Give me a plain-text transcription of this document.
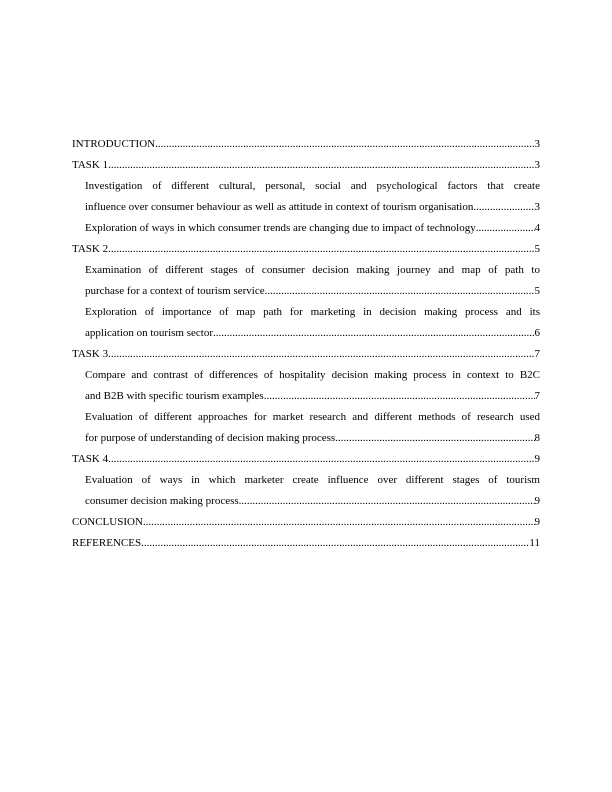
INTRODUCTION .....	3
TASK 1 .....	3
Investigation of different cultural, personal, social and psychological factors that create
influence over consumer behaviour as well as attitude in context of tourism organisation .....	3
Exploration of ways in which consumer trends are changing due to impact of technology .....	4
TASK 2 .....	5
Examination of different stages of consumer decision making journey and map of path to
purchase for a context of tourism service .....	5
Exploration of importance of map path for marketing in decision making process and its
application on tourism sector .....	6
TASK 3 .....	7
Compare and contrast of differences of hospitality decision making process in context to B2C
and B2B with specific tourism examples .....	7
Evaluation of different approaches for market research and different methods of research used
for purpose of understanding of decision making process .....	8
TASK 4 .....	9
Evaluation of ways in which marketer create influence over different stages of tourism
consumer decision making process .....	9
CONCLUSION .....	9
REFERENCES .....	11
